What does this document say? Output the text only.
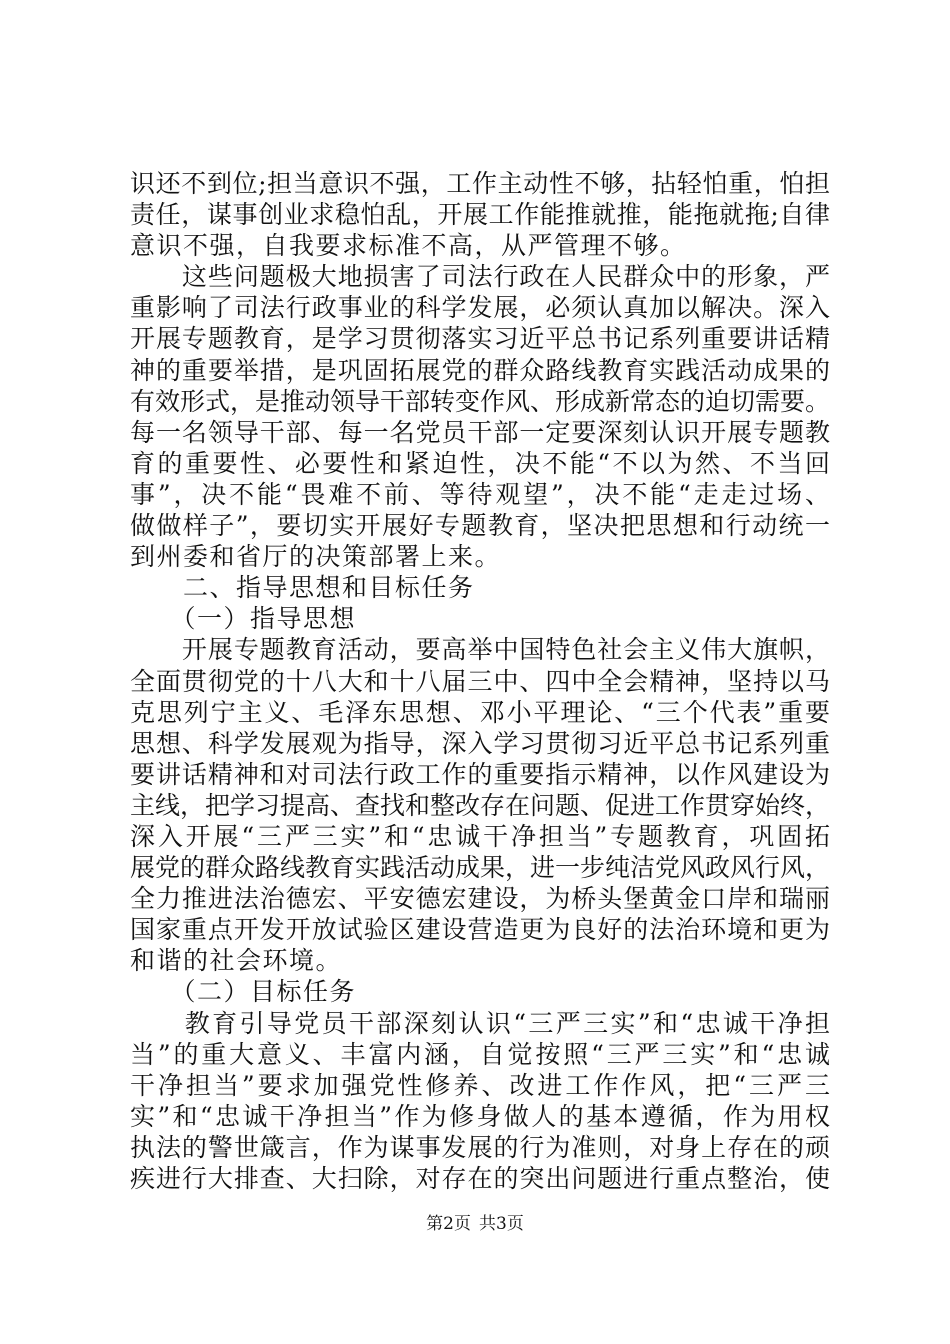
识还不到位;担当意识不强，工作主动性不够，拈轻怕重，怕担
责任，谋事创业求稳怕乱，开展工作能推就推，能拖就拖;自律
意识不强，自我要求标准不高，从严管理不够。
　　这些问题极大地损害了司法行政在人民群众中的形象，严
重影响了司法行政事业的科学发展，必须认真加以解决。深入
开展专题教育，是学习贯彻落实习近平总书记系列重要讲话精
神的重要举措，是巩固拓展党的群众路线教育实践活动成果的
有效形式，是推动领导干部转变作风、形成新常态的迫切需要。
每一名领导干部、每一名党员干部一定要深刻认识开展专题教
育的重要性、必要性和紧迫性，决不能“不以为然、不当回
事”，决不能“畏难不前、等待观望”，决不能“走走过场、
做做样子”，要切实开展好专题教育，坚决把思想和行动统一
到州委和省厅的决策部署上来。
　　二、指导思想和目标任务
　　（一）指导思想
　　开展专题教育活动，要高举中国特色社会主义伟大旗帜，
全面贯彻党的十八大和十八届三中、四中全会精神，坚持以马
克思列宁主义、毛泽东思想、邓小平理论、“三个代表”重要
思想、科学发展观为指导，深入学习贯彻习近平总书记系列重
要讲话精神和对司法行政工作的重要指示精神，以作风建设为
主线，把学习提高、查找和整改存在问题、促进工作贯穿始终，
深入开展“三严三实”和“忠诚干净担当”专题教育，巩固拓
展党的群众路线教育实践活动成果，进一步纯洁党风政风行风，
全力推进法治德宏、平安德宏建设，为桥头堡黄金口岸和瑞丽
国家重点开发开放试验区建设营造更为良好的法治环境和更为
和谐的社会环境。
　　（二）目标任务
　　教育引导党员干部深刻认识“三严三实”和“忠诚干净担
当”的重大意义、丰富内涵，自觉按照“三严三实”和“忠诚
干净担当”要求加强党性修养、改进工作作风，把“三严三
实”和“忠诚干净担当”作为修身做人的基本遵循，作为用权
执法的警世箴言，作为谋事发展的行为准则，对身上存在的顽
疾进行大排查、大扫除，对存在的突出问题进行重点整治，使
第2页 共3页
